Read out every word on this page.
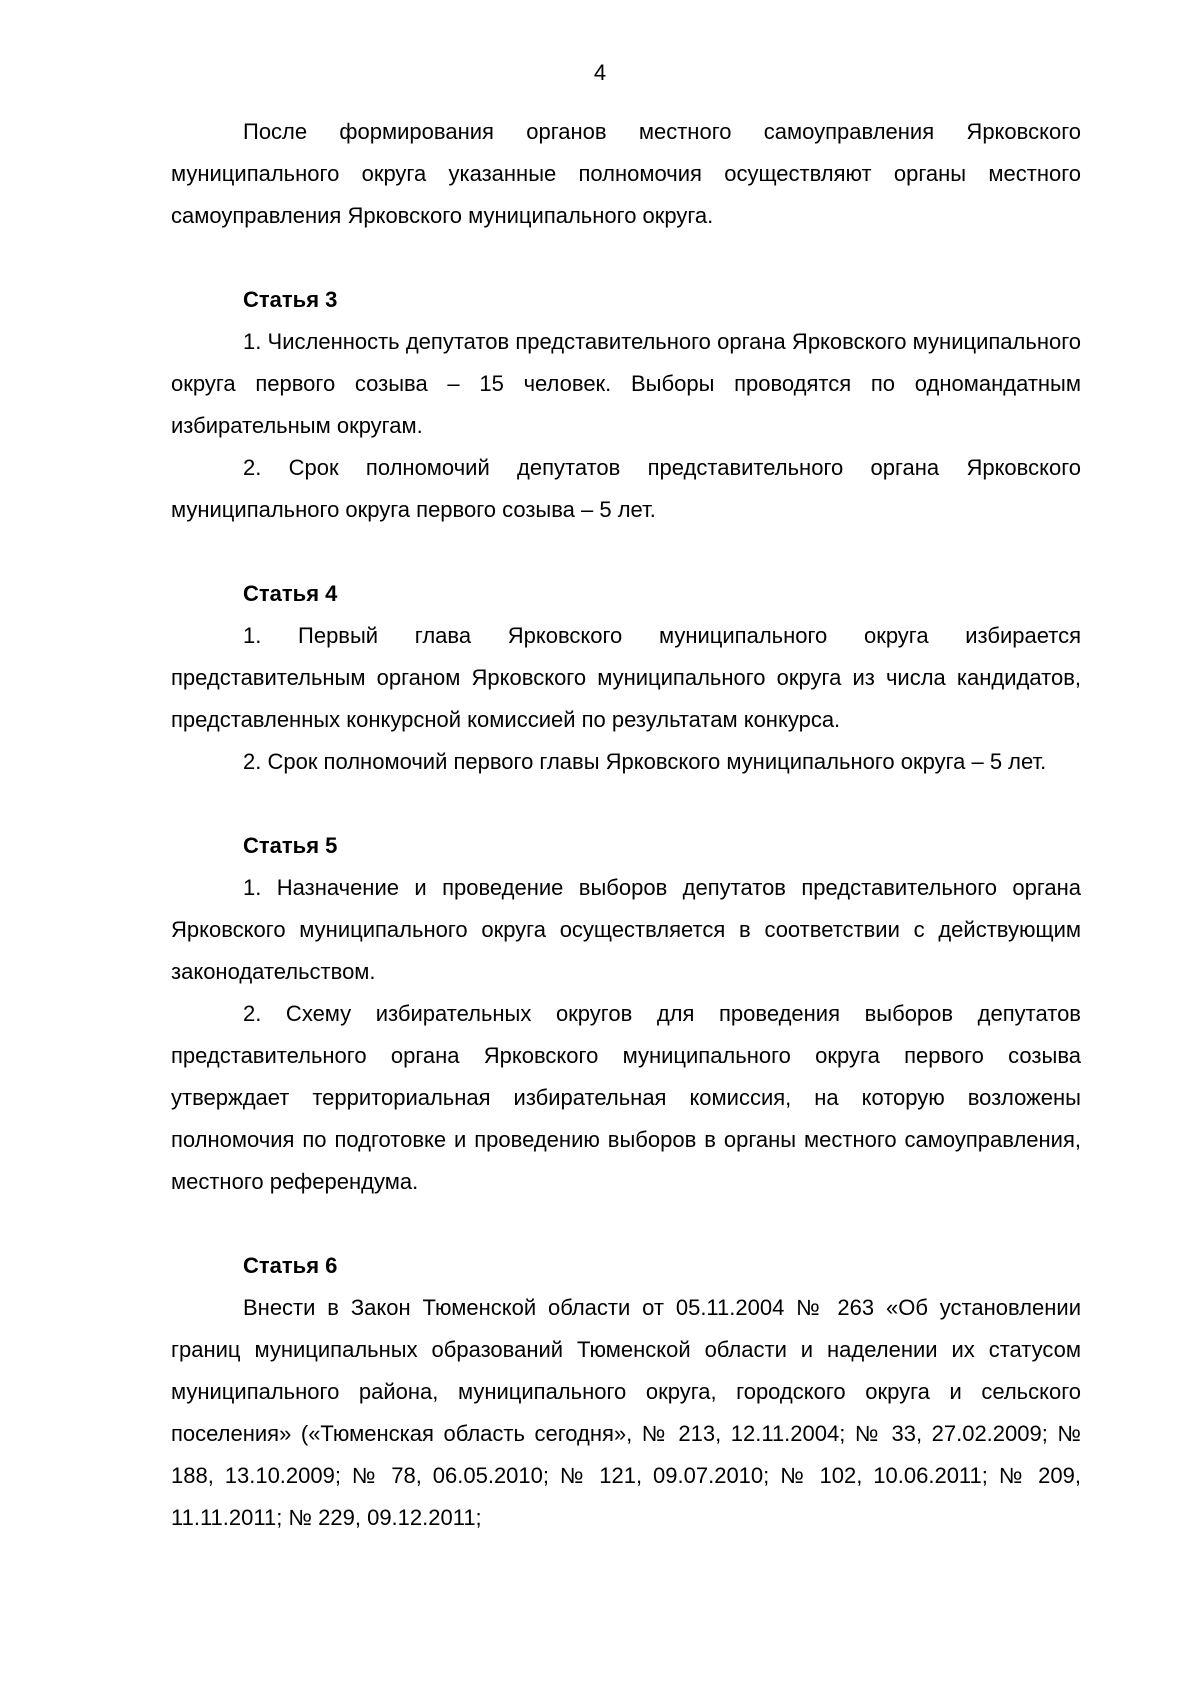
4

После формирования органов местного самоуправления Ярковского муниципального округа указанные полномочия осуществляют органы местного самоуправления Ярковского муниципального округа.

Статья 3

1. Численность депутатов представительного органа Ярковского муниципального округа первого созыва – 15 человек. Выборы проводятся по одномандатным избирательным округам.

2. Срок полномочий депутатов представительного органа Ярковского муниципального округа первого созыва – 5 лет.

Статья 4

1. Первый глава Ярковского муниципального округа избирается представительным органом Ярковского муниципального округа из числа кандидатов, представленных конкурсной комиссией по результатам конкурса.

2. Срок полномочий первого главы Ярковского муниципального округа – 5 лет.

Статья 5

1. Назначение и проведение выборов депутатов представительного органа Ярковского муниципального округа осуществляется в соответствии с действующим законодательством.

2. Схему избирательных округов для проведения выборов депутатов представительного органа Ярковского муниципального округа первого созыва утверждает территориальная избирательная комиссия, на которую возложены полномочия по подготовке и проведению выборов в органы местного самоуправления, местного референдума.

Статья 6

Внести в Закон Тюменской области от 05.11.2004 № 263 «Об установлении границ муниципальных образований Тюменской области и наделении их статусом муниципального района, муниципального округа, городского округа и сельского поселения» («Тюменская область сегодня», № 213, 12.11.2004; № 33, 27.02.2009; № 188, 13.10.2009; № 78, 06.05.2010; № 121, 09.07.2010; № 102, 10.06.2011; № 209, 11.11.2011; № 229, 09.12.2011;
